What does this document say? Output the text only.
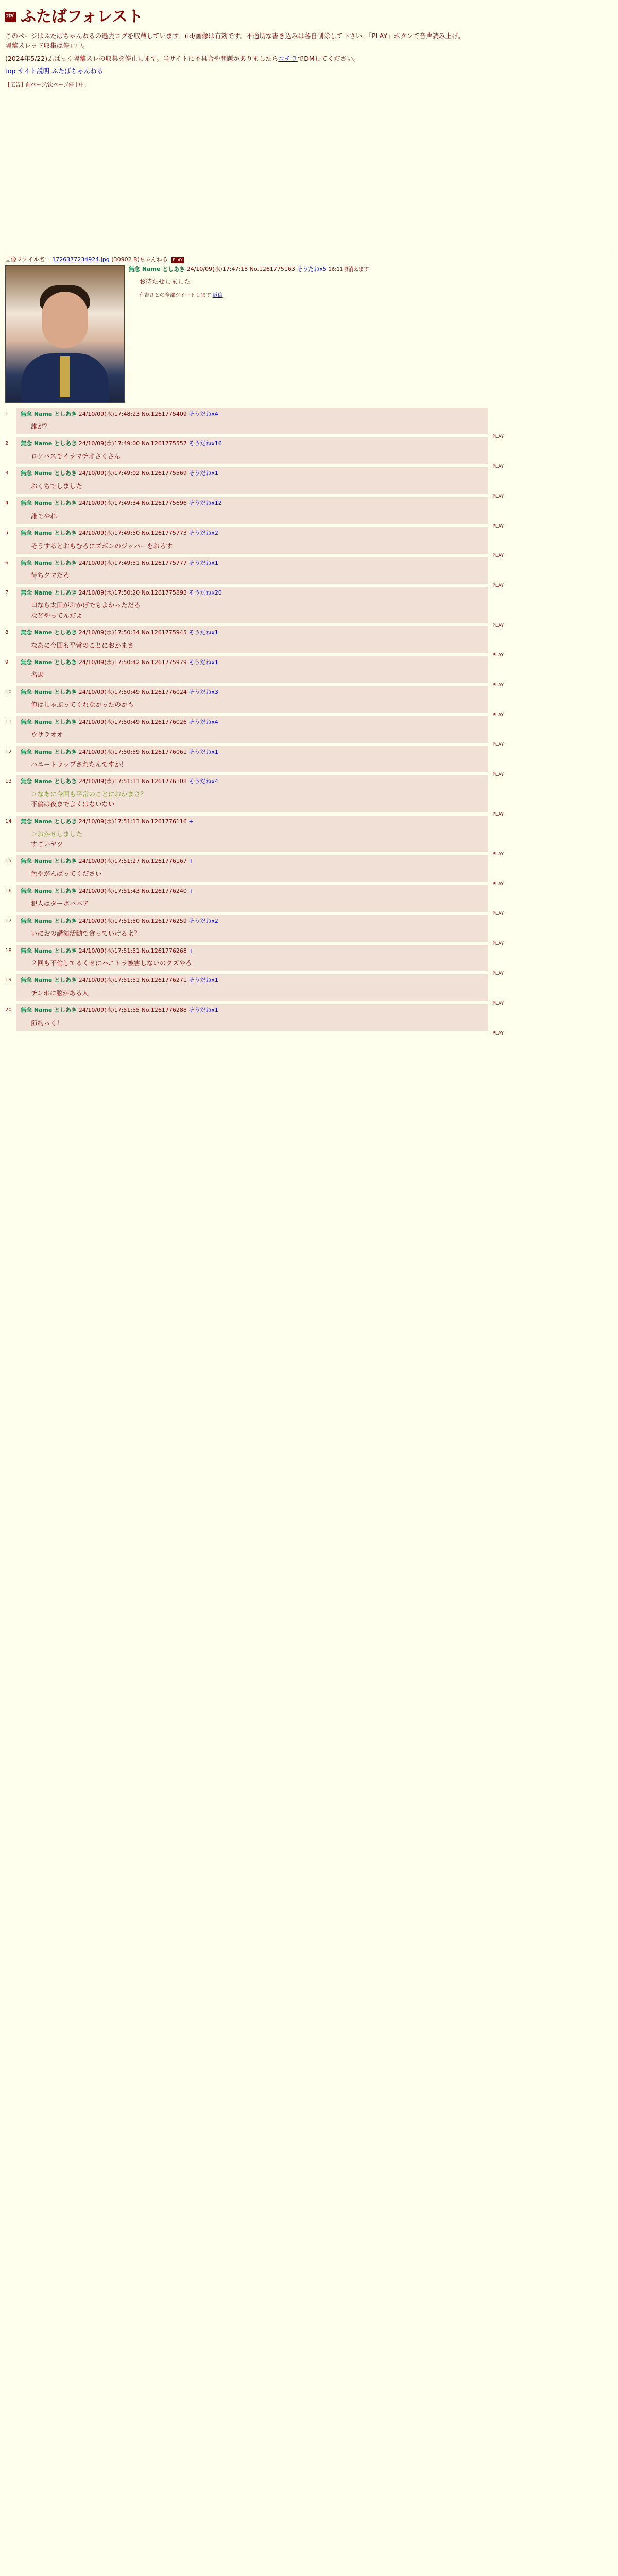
ﾌﾀﾊﾞ ふたばフォレスト
このページはふたばちゃんねるの過去ログを収蔵しています。(id/画像は有効です。不適切な書き込みは各自削除して下さい。「PLAY」ボタンで音声読み上げ。
隔離スレッド収集は停止中。
(2024年5/22)ふぱっく隔離スレの収集を停止します。当サイトに不具合や問題がありましたらコチラでDMしてください。
top サイト説明 ふたばちゃんねる
【広告】前ページ/次ページ停止中。
画像ファイル名： 1726377234924.jpg (30902 B)ちゃんねる PLAY
無念 Name としあき 24/10/09(水)17:47:18 No.1261775163 そうだねx5 16:11頃消えます
お待たせしました
有吉さとの全部ツイートします 返信
1 無念 Name としあき 24/10/09(水)17:48:23 No.1261775409 そうだねx4
誰が？
PLAY
2 無念 Name としあき 24/10/09(水)17:49:00 No.1261775557 そうだねx16
ロケバスでイラマチオさくさん
PLAY
3 無念 Name としあき 24/10/09(水)17:49:02 No.1261775569 そうだねx1
おくちでしました
PLAY
4 無念 Name としあき 24/10/09(水)17:49:34 No.1261775696 そうだねx12
誰でやれ
PLAY
5 無念 Name としあき 24/10/09(水)17:49:50 No.1261775773 そうだねx2
そうするとおもむろにズボンのジッパーをおろす
PLAY
6 無念 Name としあき 24/10/09(水)17:49:51 No.1261775777 そうだねx1
待ちクマだろ
PLAY
7 無念 Name としあき 24/10/09(水)17:50:20 No.1261775893 そうだねx20
口なら太田がおかげでもよかっただろ
などやってんだよ
PLAY
8 無念 Name としあき 24/10/09(水)17:50:34 No.1261775945 そうだねx1
なあに今回も平常のことにおかまさ
PLAY
9 無念 Name としあき 24/10/09(水)17:50:42 No.1261775979 そうだねx1
名馬
PLAY
10 無念 Name としあき 24/10/09(水)17:50:49 No.1261776024 そうだねx3
俺はしゃぶってくれなかったのかも
PLAY
11 無念 Name としあき 24/10/09(水)17:50:49 No.1261776026 そうだねx4
ウサラオオ
PLAY
12 無念 Name としあき 24/10/09(水)17:50:59 No.1261776061 そうだねx1
ハニートラップされたんですか！
PLAY
13 無念 Name としあき 24/10/09(水)17:51:11 No.1261776108 そうだねx4
＞なあに今回も平常のことにおかまさ？
不倫は夜までよくはないない
PLAY
14 無念 Name としあき 24/10/09(水)17:51:13 No.1261776116 +
＞おかせしました
すごいヤツ
PLAY
15 無念 Name としあき 24/10/09(水)17:51:27 No.1261776167 +
色やがんばってください
PLAY
16 無念 Name としあき 24/10/09(水)17:51:43 No.1261776240 +
犯人はターボババア
PLAY
17 無念 Name としあき 24/10/09(水)17:51:50 No.1261776259 そうだねx2
いにおの講演活動で食っていけるよ？
PLAY
18 無念 Name としあき 24/10/09(水)17:51:51 No.1261776268 +
２回も不倫してるくせにハニトラ被害しないのクズやろ
PLAY
19 無念 Name としあき 24/10/09(水)17:51:51 No.1261776271 そうだねx1
チンポに脳がある人
PLAY
20 無念 Name としあき 24/10/09(水)17:51:55 No.1261776288 そうだねx1
節約っく！
PLAY
